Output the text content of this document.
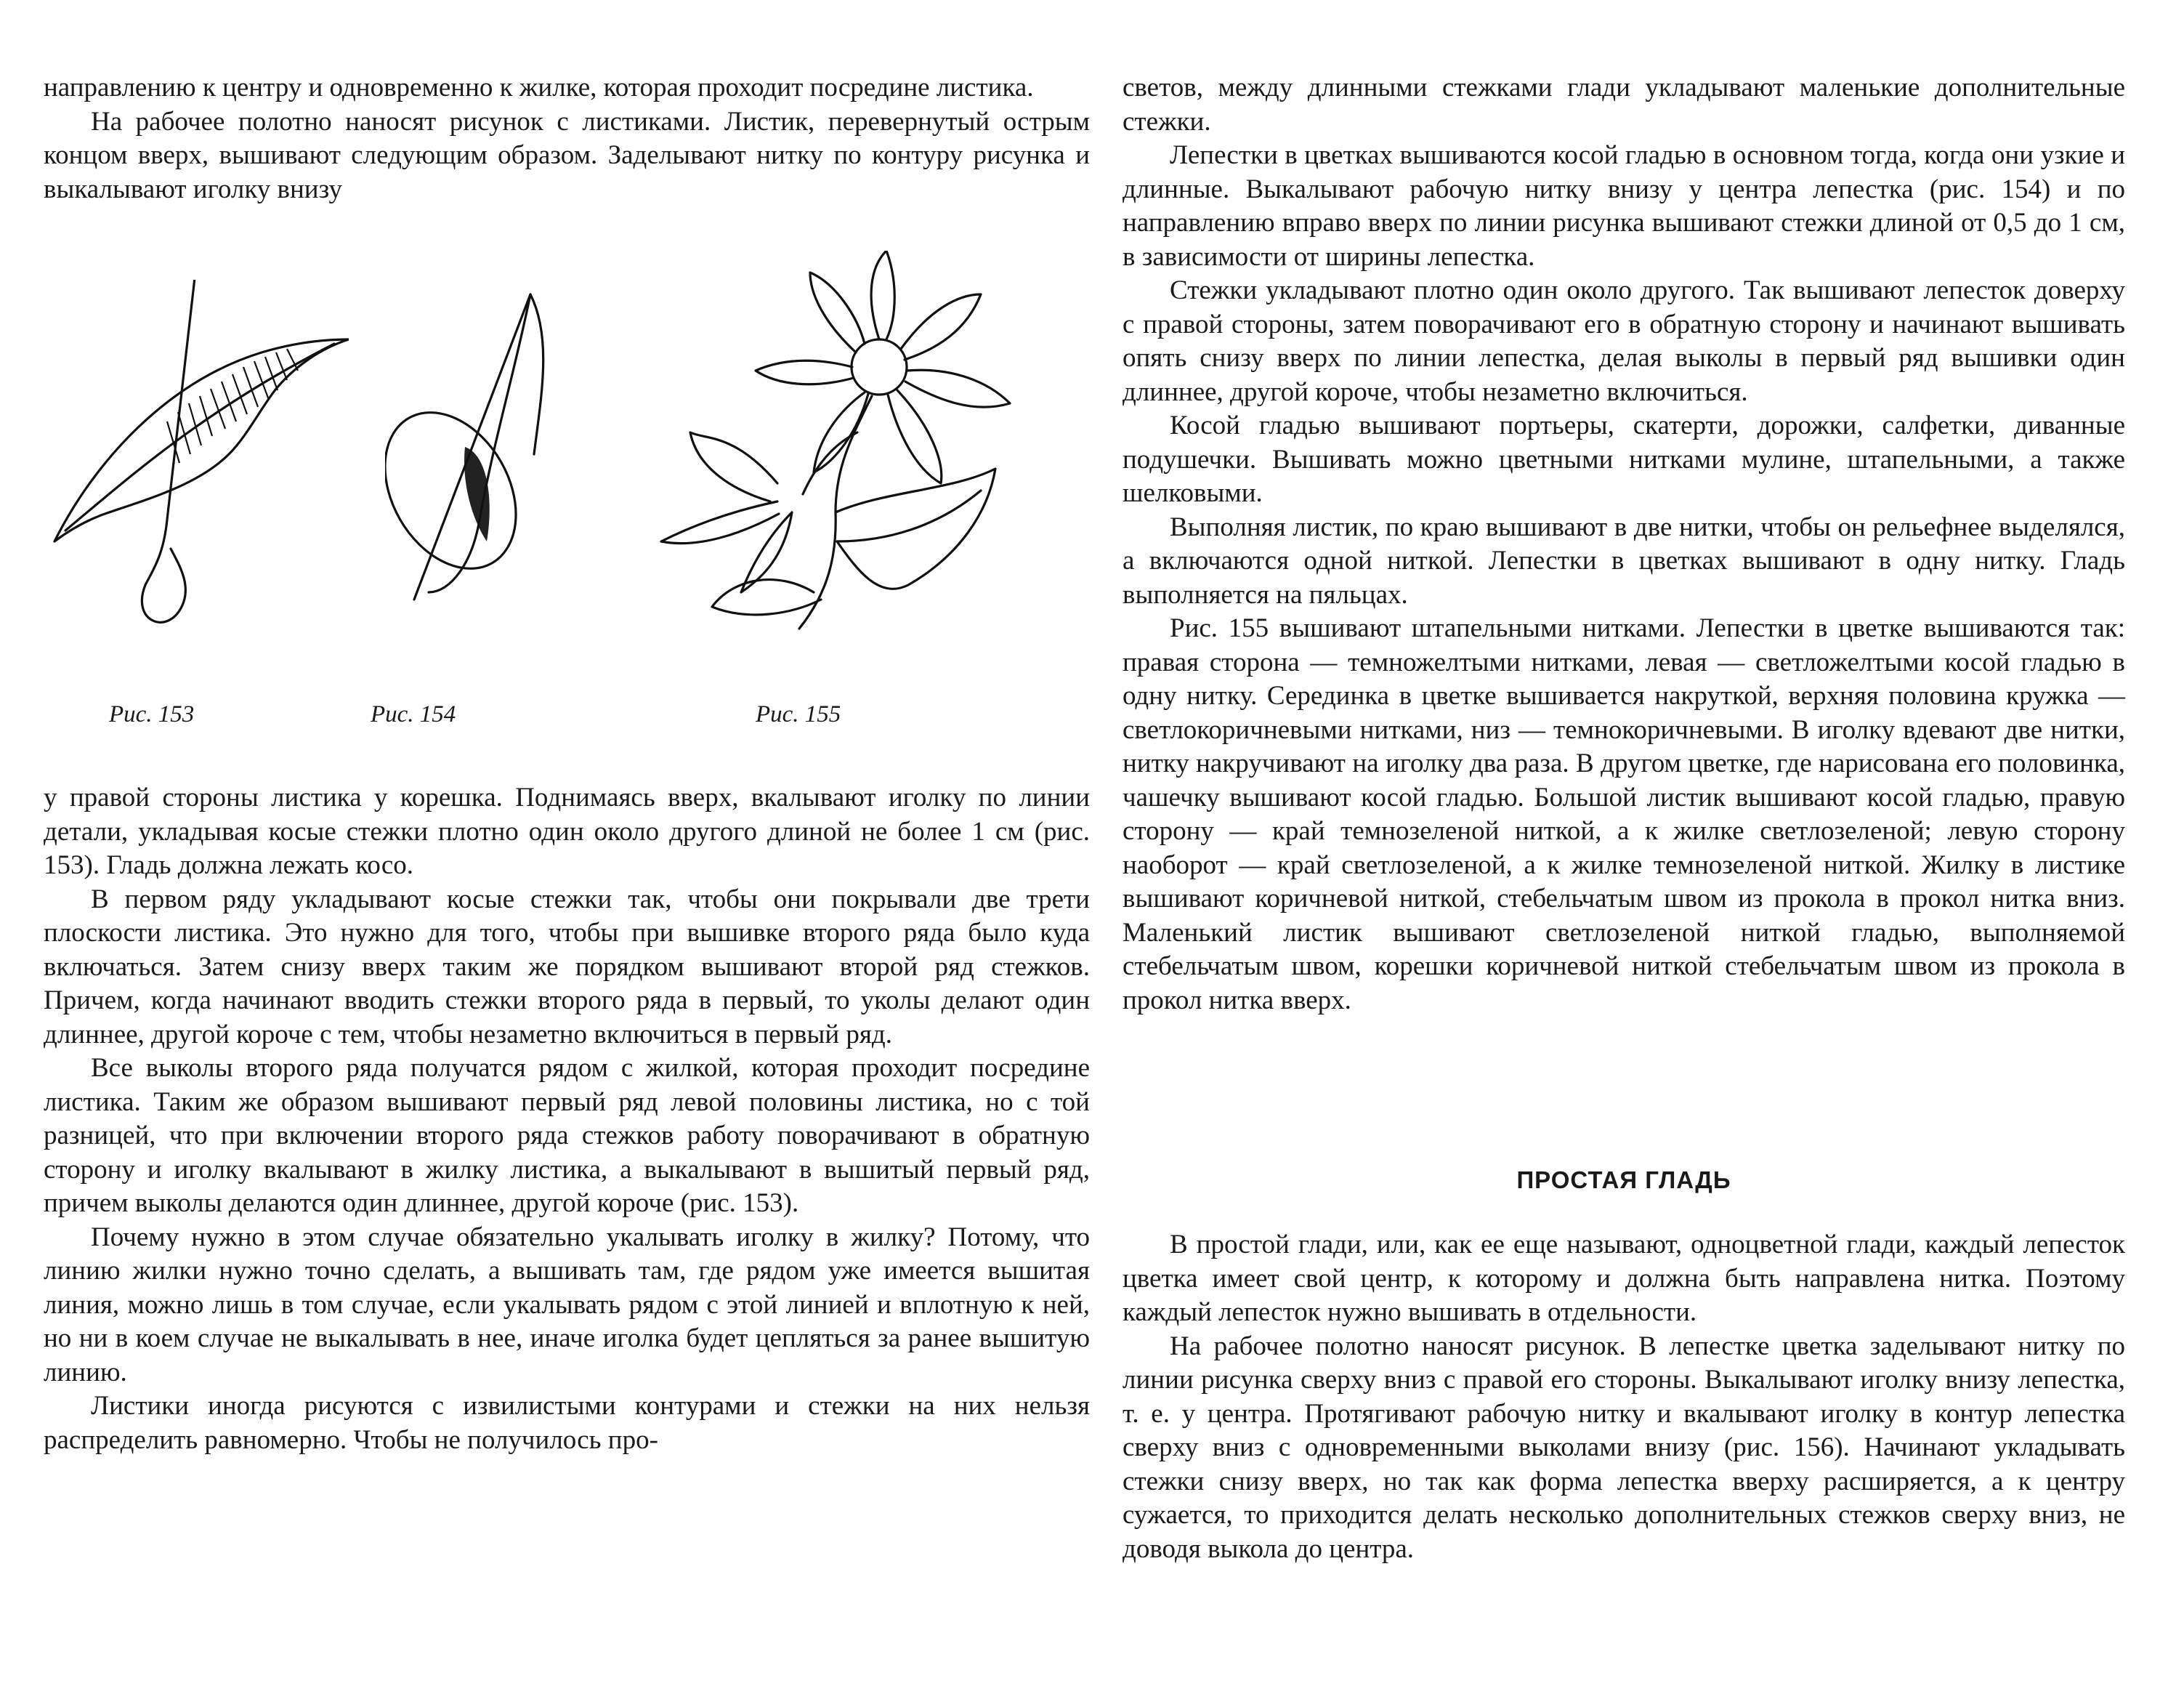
направлению к центру и одновременно к жилке, которая проходит посредине листика.

На рабочее полотно наносят рисунок с листиками. Листик, перевернутый острым концом вверх, вышивают следующим образом. Заделывают нитку по контуру рисунка и выкалывают иголку внизу

Рис. 153	Рис. 154	Рис. 155

у правой стороны листика у корешка. Поднимаясь вверх, вкалывают иголку по линии детали, укладывая косые стежки плотно один около другого длиной не более 1 см (рис. 153). Гладь должна лежать косо.

В первом ряду укладывают косые стежки так, чтобы они покрывали две трети плоскости листика. Это нужно для того, чтобы при вышивке второго ряда было куда включаться. Затем снизу вверх таким же порядком вышивают второй ряд стежков. Причем, когда начинают вводить стежки второго ряда в первый, то уколы делают один длиннее, другой короче с тем, чтобы незаметно включиться в первый ряд.

Все выколы второго ряда получатся рядом с жилкой, которая проходит посредине листика. Таким же образом вышивают первый ряд левой половины листика, но с той разницей, что при включении второго ряда стежков работу поворачивают в обратную сторону и иголку вкалывают в жилку листика, а выкалывают в вышитый первый ряд, причем выколы делаются один длиннее, другой короче (рис. 153).

Почему нужно в этом случае обязательно укалывать иголку в жилку? Потому, что линию жилки нужно точно сделать, а вышивать там, где рядом уже имеется вышитая линия, можно лишь в том случае, если укалывать рядом с этой линией и вплотную к ней, но ни в коем случае не выкалывать в нее, иначе иголка будет цепляться за ранее вышитую линию.

Листики иногда рисуются с извилистыми контурами и стежки на них нельзя распределить равномерно. Чтобы не получилось про-

светов, между длинными стежками глади укладывают маленькие дополнительные стежки.

Лепестки в цветках вышиваются косой гладью в основном тогда, когда они узкие и длинные. Выкалывают рабочую нитку внизу у центра лепестка (рис. 154) и по направлению вправо вверх по линии рисунка вышивают стежки длиной от 0,5 до 1 см, в зависимости от ширины лепестка.

Стежки укладывают плотно один около другого. Так вышивают лепесток доверху с правой стороны, затем поворачивают его в обратную сторону и начинают вышивать опять снизу вверх по линии лепестка, делая выколы в первый ряд вышивки один длиннее, другой короче, чтобы незаметно включиться.

Косой гладью вышивают портьеры, скатерти, дорожки, салфетки, диванные подушечки. Вышивать можно цветными нитками мулине, штапельными, а также шелковыми.

Выполняя листик, по краю вышивают в две нитки, чтобы он рельефнее выделялся, а включаются одной ниткой. Лепестки в цветках вышивают в одну нитку. Гладь выполняется на пяльцах.

Рис. 155 вышивают штапельными нитками. Лепестки в цветке вышиваются так: правая сторона — темножелтыми нитками, левая — светложелтыми косой гладью в одну нитку. Серединка в цветке вышивается накруткой, верхняя половина кружка — светлокоричневыми нитками, низ — темнокоричневыми. В иголку вдевают две нитки, нитку накручивают на иголку два раза. В другом цветке, где нарисована его половинка, чашечку вышивают косой гладью. Большой листик вышивают косой гладью, правую сторону — край темнозеленой ниткой, а к жилке светлозеленой; левую сторону наоборот — край светлозеленой, а к жилке темнозеленой ниткой. Жилку в листике вышивают коричневой ниткой, стебельчатым швом из прокола в прокол нитка вниз. Маленький листик вышивают светлозеленой ниткой гладью, выполняемой стебельчатым швом, корешки коричневой ниткой стебельчатым швом из прокола в прокол нитка вверх.

ПРОСТАЯ ГЛАДЬ

В простой глади, или, как ее еще называют, одноцветной глади, каждый лепесток цветка имеет свой центр, к которому и должна быть направлена нитка. Поэтому каждый лепесток нужно вышивать в отдельности.

На рабочее полотно наносят рисунок. В лепестке цветка заделывают нитку по линии рисунка сверху вниз с правой его стороны. Выкалывают иголку внизу лепестка, т. е. у центра. Протягивают рабочую нитку и вкалывают иголку в контур лепестка сверху вниз с одновременными выколами внизу (рис. 156). Начинают укладывать стежки снизу вверх, но так как форма лепестка вверху расширяется, а к центру сужается, то приходится делать несколько дополнительных стежков сверху вниз, не доводя выкола до центра.
